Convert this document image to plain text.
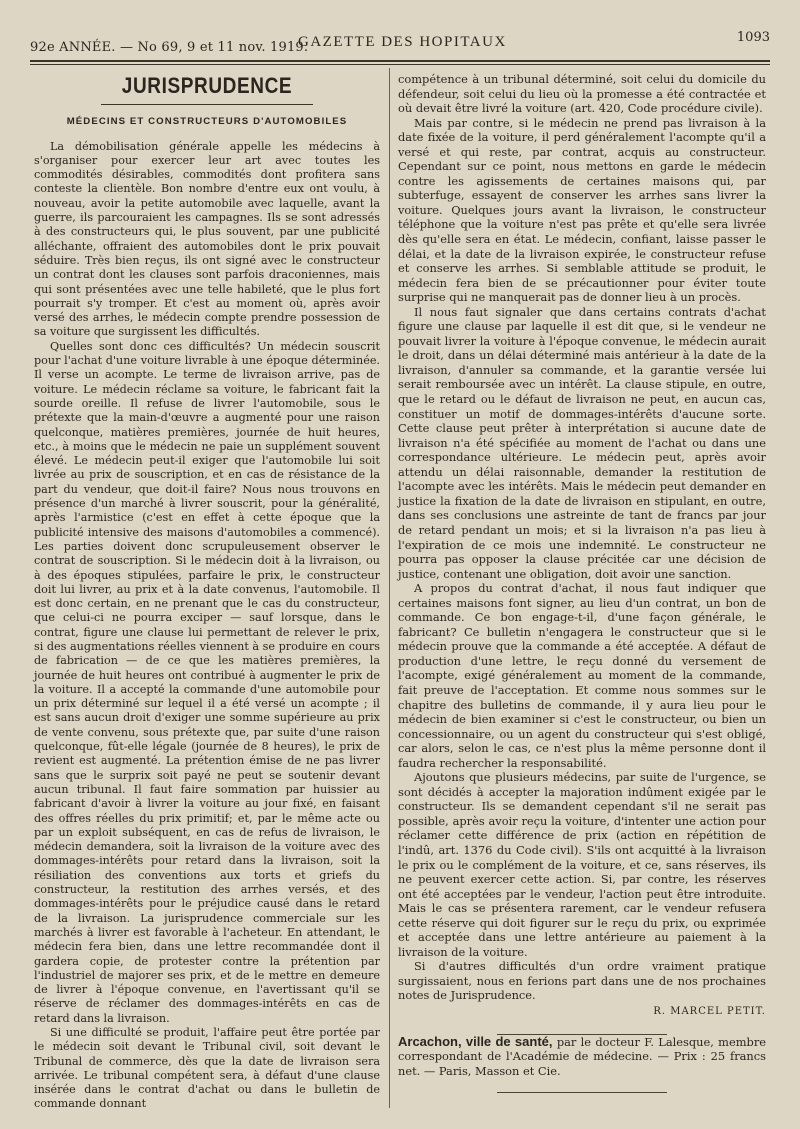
92e ANNÉE. — No 69, 9 et 11 nov. 1919.
GAZETTE DES HOPITAUX	1093
JURISPRUDENCE
MÉDECINS ET CONSTRUCTEURS D'AUTOMOBILES

La démobilisation générale appelle les médecins à s'organiser pour exercer leur art avec toutes les commodités désirables, commodités dont profitera sans conteste la clientèle. Bon nombre d'entre eux ont voulu, à nouveau, avoir la petite automobile avec laquelle, avant la guerre, ils parcouraient les campagnes. Ils se sont adressés à des constructeurs qui, le plus souvent, par une publicité alléchante, offraient des automobiles dont le prix pouvait séduire. Très bien reçus, ils ont signé avec le constructeur un contrat dont les clauses sont parfois draconiennes, mais qui sont présentées avec une telle habileté, que le plus fort pourrait s'y tromper. Et c'est au moment où, après avoir versé des arrhes, le médecin compte prendre possession de sa voiture que surgissent les difficultés.

Quelles sont donc ces difficultés? Un médecin souscrit pour l'achat d'une voiture livrable à une époque déterminée. Il verse un acompte. Le terme de livraison arrive, pas de voiture. Le médecin réclame sa voiture, le fabricant fait la sourde oreille. Il refuse de livrer l'automobile, sous le prétexte que la main-d'œuvre a augmenté pour une raison quelconque, matières premières, journée de huit heures, etc., à moins que le médecin ne paie un supplément souvent élevé. Le médecin peut-il exiger que l'automobile lui soit livrée au prix de souscription, et en cas de résistance de la part du vendeur, que doit-il faire? Nous nous trouvons en présence d'un marché à livrer souscrit, pour la généralité, après l'armistice (c'est en effet à cette époque que la publicité intensive des maisons d'automobiles a commencé). Les parties doivent donc scrupuleusement observer le contrat de souscription. Si le médecin doit à la livraison, ou à des époques stipulées, parfaire le prix, le constructeur doit lui livrer, au prix et à la date convenus, l'automobile. Il est donc certain, en ne prenant que le cas du constructeur, que celui-ci ne pourra exciper — sauf lorsque, dans le contrat, figure une clause lui permettant de relever le prix, si des augmentations réelles viennent à se produire en cours de fabrication — de ce que les matières premières, la journée de huit heures ont contribué à augmenter le prix de la voiture. Il a accepté la commande d'une automobile pour un prix déterminé sur lequel il a été versé un acompte ; il est sans aucun droit d'exiger une somme supérieure au prix de vente convenu, sous prétexte que, par suite d'une raison quelconque, fût-elle légale (journée de 8 heures), le prix de revient est augmenté. La prétention émise de ne pas livrer sans que le surprix soit payé ne peut se soutenir devant aucun tribunal. Il faut faire sommation par huissier au fabricant d'avoir à livrer la voiture au jour fixé, en faisant des offres réelles du prix primitif; et, par le même acte ou par un exploit subséquent, en cas de refus de livraison, le médecin demandera, soit la livraison de la voiture avec des dommages-intérêts pour retard dans la livraison, soit la résiliation des conventions aux torts et griefs du constructeur, la restitution des arrhes versés, et des dommages-intérêts pour le préjudice causé dans le retard de la livraison. La jurisprudence commerciale sur les marchés à livrer est favorable à l'acheteur. En attendant, le médecin fera bien, dans une lettre recommandée dont il gardera copie, de protester contre la prétention par l'industriel de majorer ses prix, et de le mettre en demeure de livrer à l'époque convenue, en l'avertissant qu'il se réserve de réclamer des dommages-intérêts en cas de retard dans la livraison.

Si une difficulté se produit, l'affaire peut être portée par le médecin soit devant le Tribunal civil, soit devant le Tribunal de commerce, dès que la date de livraison sera arrivée. Le tribunal compétent sera, à défaut d'une clause insérée dans le contrat d'achat ou dans le bulletin de commande donnant

compétence à un tribunal déterminé, soit celui du domicile du défendeur, soit celui du lieu où la promesse a été contractée et où devait être livré la voiture (art. 420, Code procédure civile).

Mais par contre, si le médecin ne prend pas livraison à la date fixée de la voiture, il perd généralement l'acompte qu'il a versé et qui reste, par contrat, acquis au constructeur. Cependant sur ce point, nous mettons en garde le médecin contre les agissements de certaines maisons qui, par subterfuge, essayent de conserver les arrhes sans livrer la voiture. Quelques jours avant la livraison, le constructeur téléphone que la voiture n'est pas prête et qu'elle sera livrée dès qu'elle sera en état. Le médecin, confiant, laisse passer le délai, et la date de la livraison expirée, le constructeur refuse et conserve les arrhes. Si semblable attitude se produit, le médecin fera bien de se précautionner pour éviter toute surprise qui ne manquerait pas de donner lieu à un procès.

Il nous faut signaler que dans certains contrats d'achat figure une clause par laquelle il est dit que, si le vendeur ne pouvait livrer la voiture à l'époque convenue, le médecin aurait le droit, dans un délai déterminé mais antérieur à la date de la livraison, d'annuler sa commande, et la garantie versée lui serait remboursée avec un intérêt. La clause stipule, en outre, que le retard ou le défaut de livraison ne peut, en aucun cas, constituer un motif de dommages-intérêts d'aucune sorte. Cette clause peut prêter à interprétation si aucune date de livraison n'a été spécifiée au moment de l'achat ou dans une correspondance ultérieure. Le médecin peut, après avoir attendu un délai raisonnable, demander la restitution de l'acompte avec les intérêts. Mais le médecin peut demander en justice la fixation de la date de livraison en stipulant, en outre, dans ses conclusions une astreinte de tant de francs par jour de retard pendant un mois; et si la livraison n'a pas lieu à l'expiration de ce mois une indemnité. Le constructeur ne pourra pas opposer la clause précitée car une décision de justice, contenant une obligation, doit avoir une sanction.

A propos du contrat d'achat, il nous faut indiquer que certaines maisons font signer, au lieu d'un contrat, un bon de commande. Ce bon engage-t-il, d'une façon générale, le fabricant? Ce bulletin n'engagera le constructeur que si le médecin prouve que la commande a été acceptée. A défaut de production d'une lettre, le reçu donné du versement de l'acompte, exigé généralement au moment de la commande, fait preuve de l'acceptation. Et comme nous sommes sur le chapitre des bulletins de commande, il y aura lieu pour le médecin de bien examiner si c'est le constructeur, ou bien un concessionnaire, ou un agent du constructeur qui s'est obligé, car alors, selon le cas, ce n'est plus la même personne dont il faudra rechercher la responsabilité.

Ajoutons que plusieurs médecins, par suite de l'urgence, se sont décidés à accepter la majoration indûment exigée par le constructeur. Ils se demandent cependant s'il ne serait pas possible, après avoir reçu la voiture, d'intenter une action pour réclamer cette différence de prix (action en répétition de l'indû, art. 1376 du Code civil). S'ils ont acquitté à la livraison le prix ou le complément de la voiture, et ce, sans réserves, ils ne peuvent exercer cette action. Si, par contre, les réserves ont été acceptées par le vendeur, l'action peut être introduite. Mais le cas se présentera rarement, car le vendeur refusera cette réserve qui doit figurer sur le reçu du prix, ou exprimée et acceptée dans une lettre antérieure au paiement à la livraison de la voiture.

Si d'autres difficultés d'un ordre vraiment pratique surgissaient, nous en ferions part dans une de nos prochaines notes de Jurisprudence.

R. MARCEL PETIT.

Arcachon, ville de santé, par le docteur F. Lalesque, membre correspondant de l'Académie de médecine. — Prix : 25 francs net. — Paris, Masson et Cie.
